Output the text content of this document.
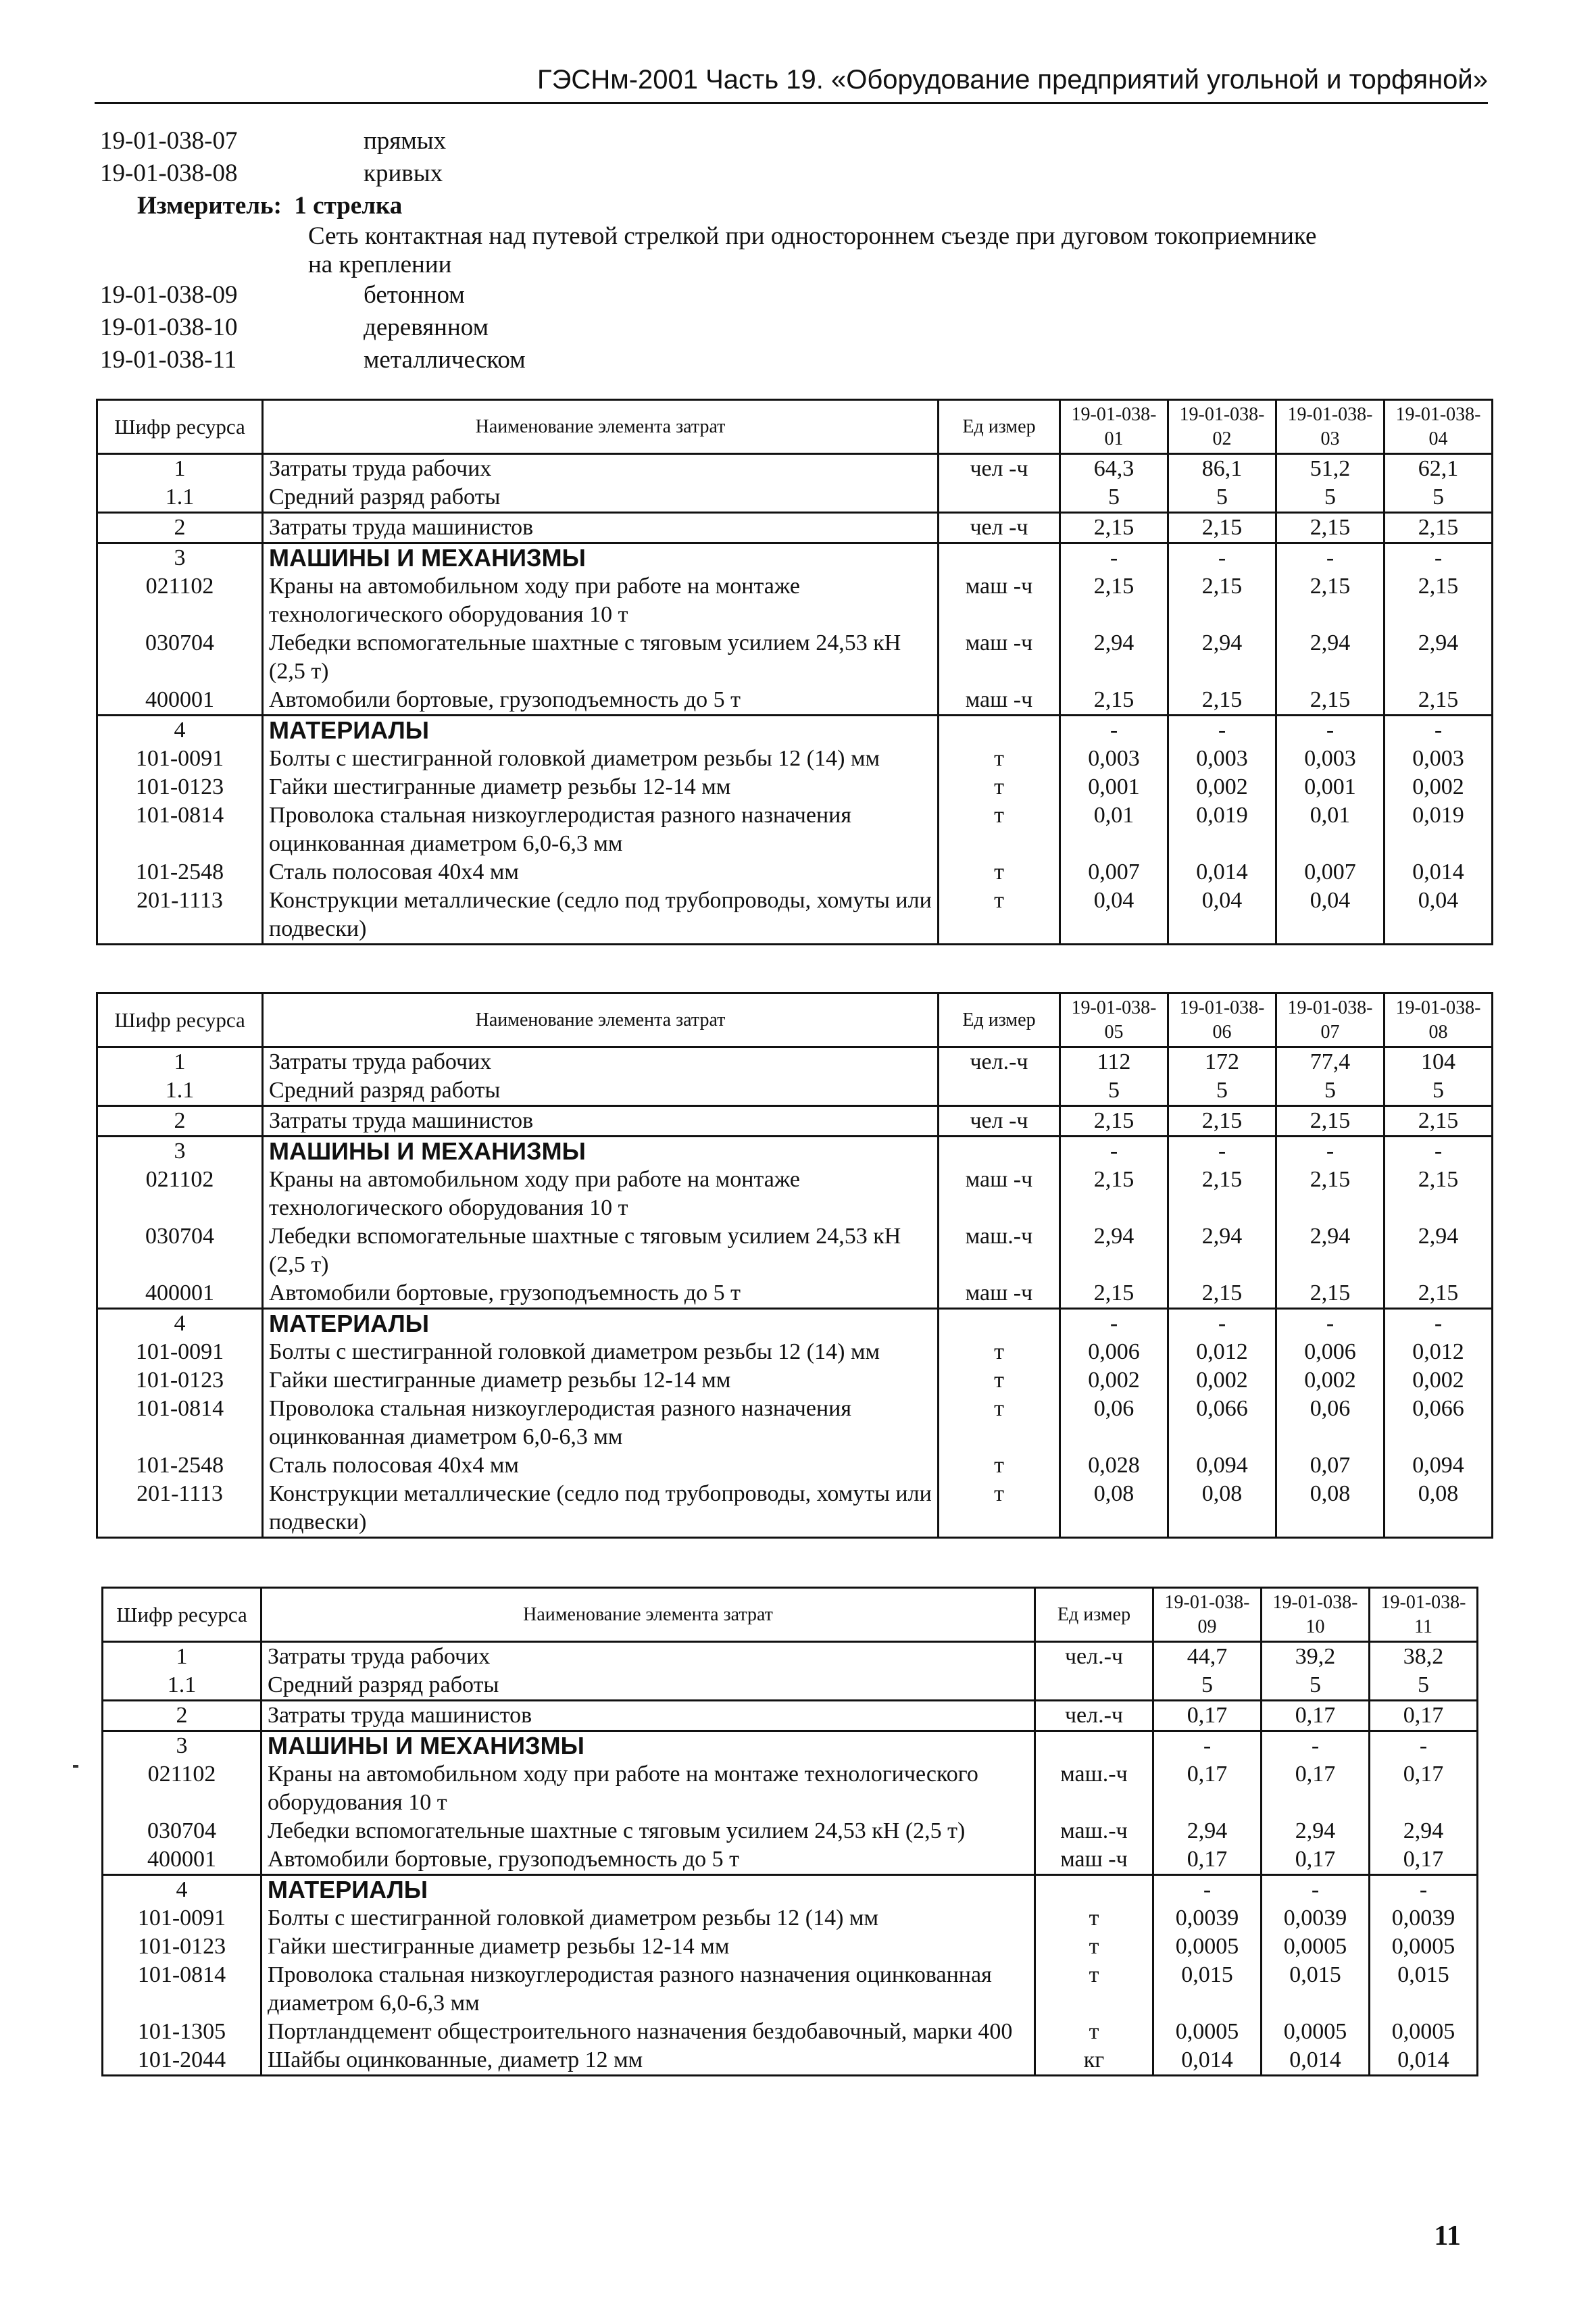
ГЭСНм-2001 Часть 19. «Оборудование предприятий угольной и торфяной»
19-01-038-07	прямых
19-01-038-08	кривых
Измеритель:
1 стрелка
Сеть контактная над путевой стрелкой при одностороннем съезде при дуговом токоприемнике
на креплении
19-01-038-09	бетонном
19-01-038-10	деревянном
19-01-038-11	металлическом
Шифр ресурса	Наименование элемента затрат	Ед измер	19-01-038-01	19-01-038-02	19-01-038-03	19-01-038-04
1	Затраты труда рабочих	чел -ч	64,3	86,1	51,2	62,1
1.1	Средний разряд работы		5	5	5	5
2	Затраты труда машинистов	чел -ч	2,15	2,15	2,15	2,15
3	МАШИНЫ И МЕХАНИЗМЫ		-	-	-	-
021102	Краны на автомобильном ходу при работе на монтаже технологического оборудования 10 т	маш -ч	2,15	2,15	2,15	2,15
030704	Лебедки вспомогательные шахтные с тяговым усилием 24,53 кН (2,5 т)	маш -ч	2,94	2,94	2,94	2,94
400001	Автомобили бортовые, грузоподъемность до 5 т	маш -ч	2,15	2,15	2,15	2,15
4	МАТЕРИАЛЫ		-	-	-	-
101-0091	Болты с шестигранной головкой диаметром резьбы 12 (14) мм	т	0,003	0,003	0,003	0,003
101-0123	Гайки шестигранные диаметр резьбы 12-14 мм	т	0,001	0,002	0,001	0,002
101-0814	Проволока стальная низкоуглеродистая разного назначения оцинкованная диаметром 6,0-6,3 мм	т	0,01	0,019	0,01	0,019
101-2548	Сталь полосовая 40х4 мм	т	0,007	0,014	0,007	0,014
201-1113	Конструкции металлические (седло под трубопроводы, хомуты или подвески)	т	0,04	0,04	0,04	0,04
Шифр ресурса	Наименование элемента затрат	Ед измер	19-01-038-05	19-01-038-06	19-01-038-07	19-01-038-08
1	Затраты труда рабочих	чел.-ч	112	172	77,4	104
1.1	Средний разряд работы		5	5	5	5
2	Затраты труда машинистов	чел -ч	2,15	2,15	2,15	2,15
3	МАШИНЫ И МЕХАНИЗМЫ		-	-	-	-
021102	Краны на автомобильном ходу при работе на монтаже технологического оборудования 10 т	маш -ч	2,15	2,15	2,15	2,15
030704	Лебедки вспомогательные шахтные с тяговым усилием 24,53 кН (2,5 т)	маш.-ч	2,94	2,94	2,94	2,94
400001	Автомобили бортовые, грузоподъемность до 5 т	маш -ч	2,15	2,15	2,15	2,15
4	МАТЕРИАЛЫ		-	-	-	-
101-0091	Болты с шестигранной головкой диаметром резьбы 12 (14) мм	т	0,006	0,012	0,006	0,012
101-0123	Гайки шестигранные диаметр резьбы 12-14 мм	т	0,002	0,002	0,002	0,002
101-0814	Проволока стальная низкоуглеродистая разного назначения оцинкованная диаметром 6,0-6,3 мм	т	0,06	0,066	0,06	0,066
101-2548	Сталь полосовая 40х4 мм	т	0,028	0,094	0,07	0,094
201-1113	Конструкции металлические (седло под трубопроводы, хомуты или подвески)	т	0,08	0,08	0,08	0,08
Шифр ресурса	Наименование элемента затрат	Ед измер	19-01-038-09	19-01-038-10	19-01-038-11
1	Затраты труда рабочих	чел.-ч	44,7	39,2	38,2
1.1	Средний разряд работы		5	5	5
2	Затраты труда машинистов	чел.-ч	0,17	0,17	0,17
3	МАШИНЫ И МЕХАНИЗМЫ		-	-	-
021102	Краны на автомобильном ходу при работе на монтаже технологического оборудования 10 т	маш.-ч	0,17	0,17	0,17
030704	Лебедки вспомогательные шахтные с тяговым усилием 24,53 кН (2,5 т)	маш.-ч	2,94	2,94	2,94
400001	Автомобили бортовые, грузоподъемность до 5 т	маш -ч	0,17	0,17	0,17
4	МАТЕРИАЛЫ		-	-	-
101-0091	Болты с шестигранной головкой диаметром резьбы 12 (14) мм	т	0,0039	0,0039	0,0039
101-0123	Гайки шестигранные диаметр резьбы 12-14 мм	т	0,0005	0,0005	0,0005
101-0814	Проволока стальная низкоуглеродистая разного назначения оцинкованная диаметром 6,0-6,3 мм	т	0,015	0,015	0,015
101-1305	Портландцемент общестроительного назначения бездобавочный, марки 400	т	0,0005	0,0005	0,0005
101-2044	Шайбы оцинкованные, диаметр 12 мм	кг	0,014	0,014	0,014
11
